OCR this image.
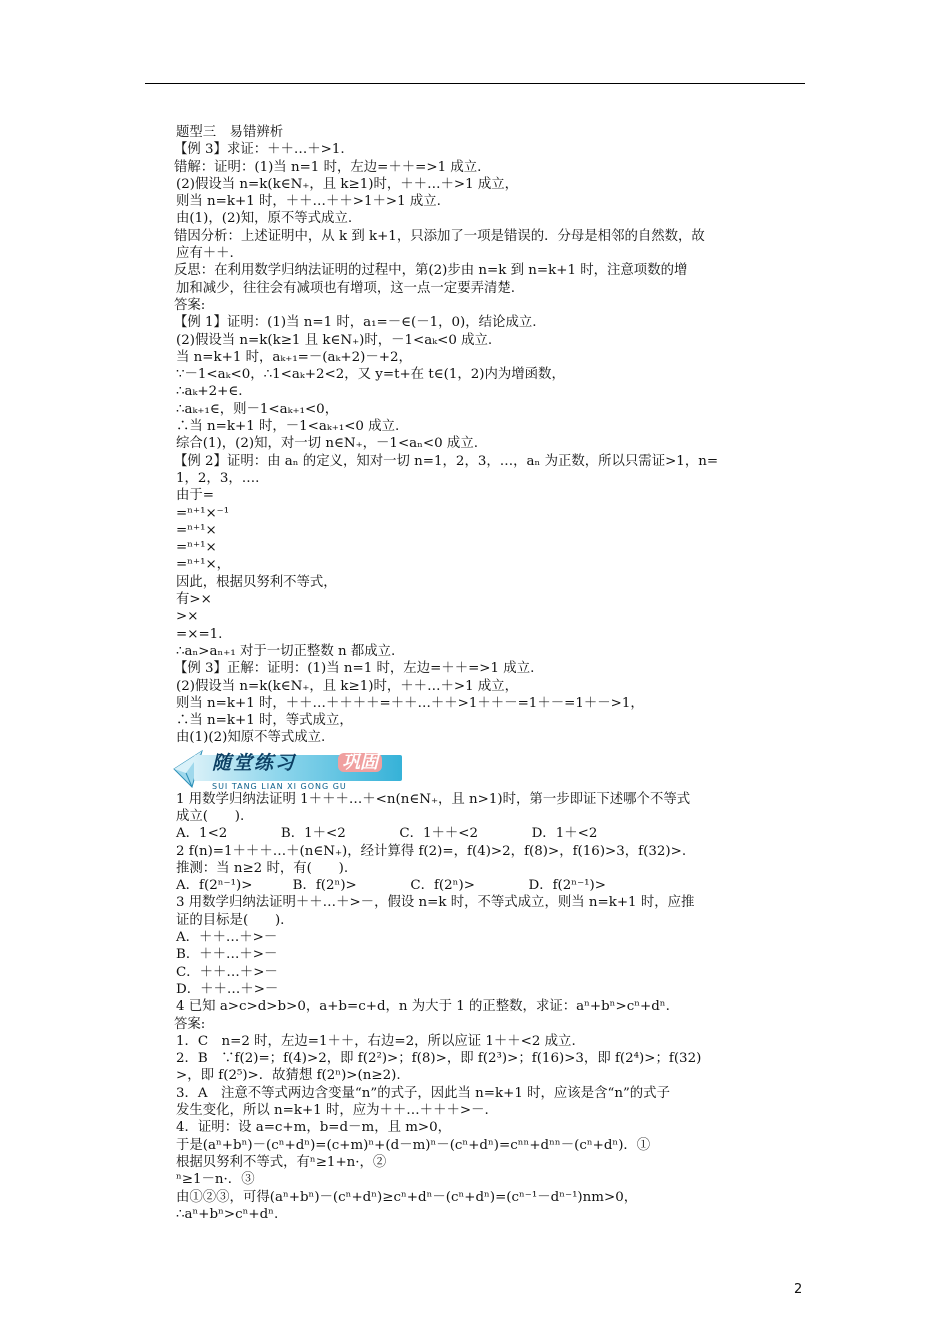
题型三　易错辨析
【例 3】求证：＋＋…＋>1.
错解：证明：(1)当 n=1 时，左边=＋＋=>1 成立.
(2)假设当 n=k(k∈N₊，且 k≥1)时，＋＋…＋>1 成立，
则当 n=k+1 时，＋＋…＋＋>1＋>1 成立.
由(1)，(2)知，原不等式成立.
错因分析：上述证明中，从 k 到 k+1，只添加了一项是错误的．分母是相邻的自然数，故
应有＋＋.
反思：在利用数学归纳法证明的过程中，第(2)步由 n=k 到 n=k+1 时，注意项数的增
加和减少，往往会有减项也有增项，这一点一定要弄清楚.
答案:
【例 1】证明：(1)当 n=1 时，a₁=－∈(－1，0)，结论成立.
(2)假设当 n=k(k≥1 且 k∈N₊)时，－1<aₖ<0 成立.
当 n=k+1 时，aₖ₊₁=－(aₖ+2)－+2，
∵－1<aₖ<0，∴1<aₖ+2<2，又 y=t+在 t∈(1，2)内为增函数，
∴aₖ+2+∈.
∴aₖ₊₁∈，则－1<aₖ₊₁<0，
∴当 n=k+1 时，－1<aₖ₊₁<0 成立.
综合(1)，(2)知，对一切 n∈N₊，－1<aₙ<0 成立.
【例 2】证明：由 aₙ 的定义，知对一切 n=1，2，3，…，aₙ 为正数，所以只需证>1，n=
1，2，3，….
由于=
=ⁿ⁺¹×⁻¹
=ⁿ⁺¹×
=ⁿ⁺¹×
=ⁿ⁺¹×，
因此，根据贝努利不等式，
有>×
>×
=×=1.
∴aₙ>aₙ₊₁ 对于一切正整数 n 都成立.
【例 3】正解：证明：(1)当 n=1 时，左边=＋＋=>1 成立.
(2)假设当 n=k(k∈N₊，且 k≥1)时，＋＋…＋>1 成立，
则当 n=k+1 时，＋＋…＋＋＋＋=＋＋…＋＋>1＋＋－=1＋－=1＋－>1，
∴当 n=k+1 时，等式成立，
由(1)(2)知原不等式成立.
随堂练习	巩固
SUI TANG LIAN XI GONG GU
1 用数学归纳法证明 1＋＋＋…＋<n(n∈N₊，且 n>1)时，第一步即证下述哪个不等式
成立(　　).
A．1<2　　　　B．1＋<2　　　　C．1＋＋<2　　　　D．1＋<2
2 f(n)=1＋＋＋…＋(n∈N₊)，经计算得 f(2)=，f(4)>2，f(8)>，f(16)>3，f(32)>.
推测：当 n≥2 时，有(　　).
A．f(2ⁿ⁻¹)>　　　B．f(2ⁿ)>　　　　C．f(2ⁿ)>　　　　D．f(2ⁿ⁻¹)>
3 用数学归纳法证明＋＋…＋>－，假设 n=k 时，不等式成立，则当 n=k+1 时，应推
证的目标是(　　).
A．＋＋…＋>－
B．＋＋…＋>－
C．＋＋…＋>－
D．＋＋…＋>－
4 已知 a>c>d>b>0，a+b=c+d，n 为大于 1 的正整数，求证：aⁿ+bⁿ>cⁿ+dⁿ.
答案:
1．C　n=2 时，左边=1＋＋，右边=2，所以应证 1＋＋<2 成立.
2．B　∵f(2)=；f(4)>2，即 f(2²)>；f(8)>，即 f(2³)>；f(16)>3，即 f(2⁴)>；f(32)
>，即 f(2⁵)>．故猜想 f(2ⁿ)>(n≥2).
3．A　注意不等式两边含变量“n”的式子，因此当 n=k+1 时，应该是含“n”的式子
发生变化，所以 n=k+1 时，应为＋＋…＋＋＋>－.
4．证明：设 a=c+m，b=d－m，且 m>0，
于是(aⁿ+bⁿ)－(cⁿ+dⁿ)=(c+m)ⁿ+(d－m)ⁿ－(cⁿ+dⁿ)=cⁿⁿ+dⁿⁿ－(cⁿ+dⁿ)．①
根据贝努利不等式，有ⁿ≥1+n·，②
ⁿ≥1－n·．③
由①②③，可得(aⁿ+bⁿ)－(cⁿ+dⁿ)≥cⁿ+dⁿ－(cⁿ+dⁿ)=(cⁿ⁻¹－dⁿ⁻¹)nm>0，
∴aⁿ+bⁿ>cⁿ+dⁿ.
2
